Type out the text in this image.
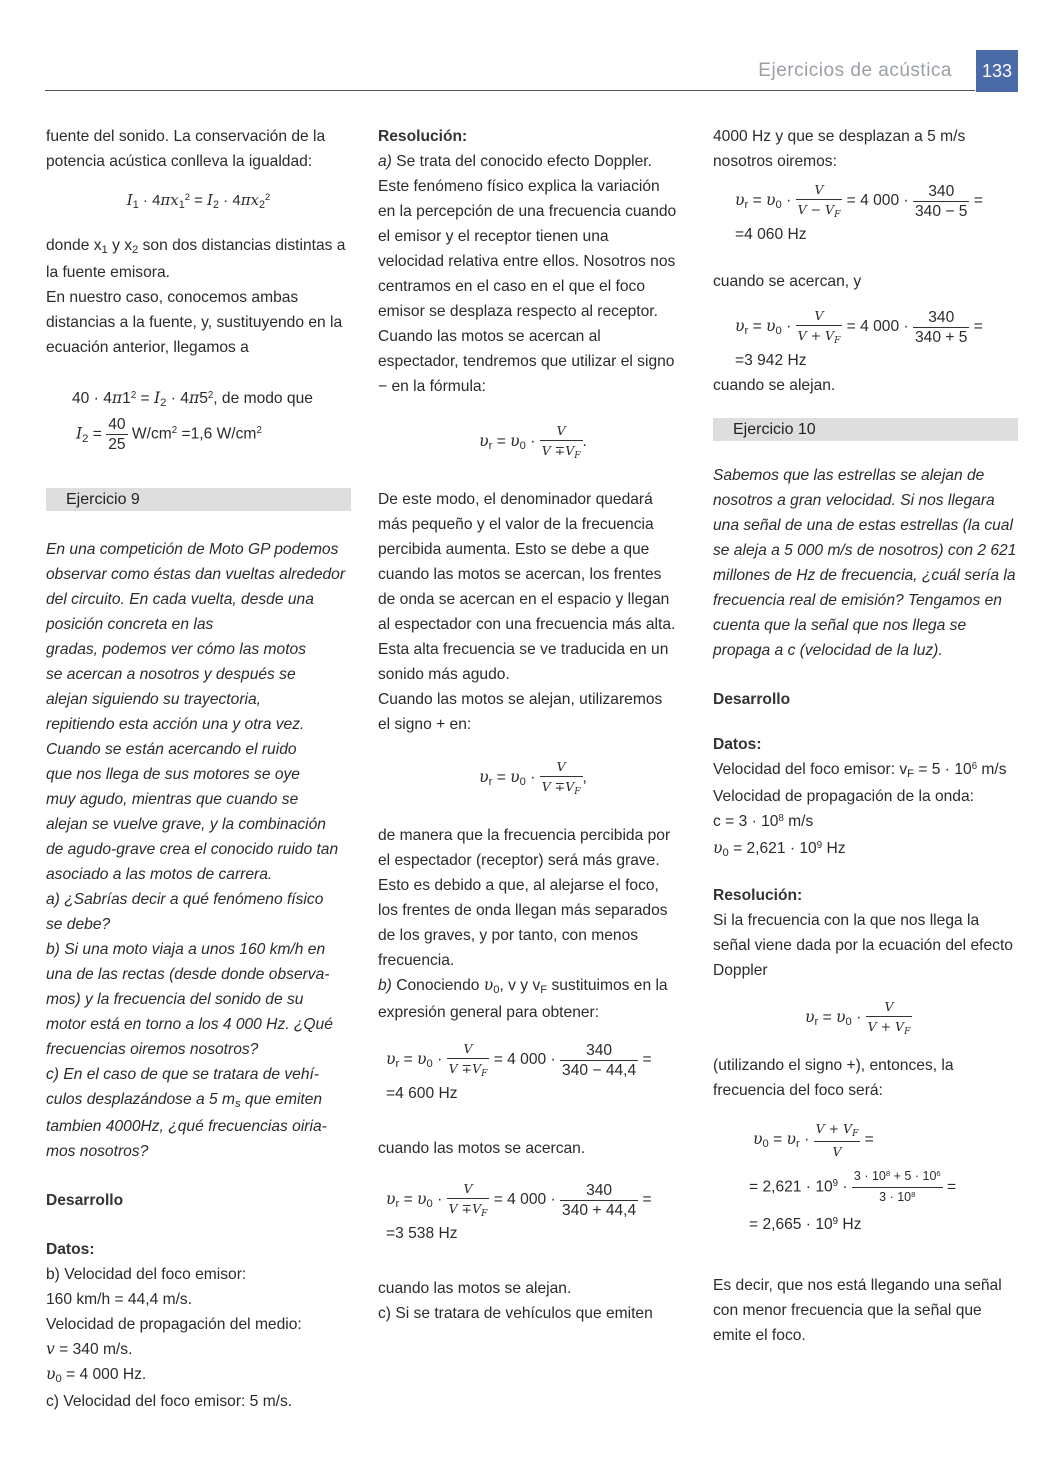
Ejercicios de acústica	133

fuente del sonido. La conservación de la potencia acústica conlleva la igualdad:

$I_1 \cdot 4\pi x_1^2 = I_2 \cdot 4\pi x_2^2$

donde $x_1$ y $x_2$ son dos distancias distintas a la fuente emisora.

En nuestro caso, conocemos ambas distancias a la fuente, y, sustituyendo en la ecuación anterior, llegamos a

$40 \cdot 4\pi 1^2 = I_2 \cdot 4\pi 5^2$, de modo que
$I_2 = \frac{40}{25} W/cm^2 =1,6$ $W/cm^2$
Ejercicio 9
En una competición de Moto GP podemos
observar como éstas dan vueltas alrededor
del circuito. En cada vuelta, desde una
posición concreta en las
gradas, podemos ver cómo las motos
se acercan a nosotros y después se
alejan siguiendo su trayectoria,
repitiendo esta acción una y otra vez.
Cuando se están acercando el ruido
que nos llega de sus motores se oye
muy agudo, mientras que cuando se
alejan se vuelve grave, y la combinación
de agudo-grave crea el conocido ruido tan
asociado a las motos de carrera.
a) ¿Sabrías decir a qué fenómeno físico
se debe?
b) Si una moto viaja a unos 160 km/h en
una de las rectas (desde donde observa-
mos) y la frecuencia del sonido de su
motor está en torno a los 4 000 Hz. ¿Qué
frecuencias oiremos nosotros?
c) En el caso de que se tratara de vehí-
culos desplazándose a 5 $m_s$ que emiten
tambien 4000Hz, ¿qué frecuencias oiria-
mos nosotros?

Desarrollo

Datos:

b) Velocidad del foco emisor:
160 km/h = 44,4 m/s.
Velocidad de propagación del medio:
v = 340 m/s.
$\upsilon_0 = 4$ 000 Hz.
c) Velocidad del foco emisor: 5 m/s.

Resolución:

a) Se trata del conocido efecto Doppler. Este fenómeno físico explica la variación en la percepción de una frecuencia cuando el emisor y el receptor tienen una velocidad relativa entre ellos. Nosotros nos centramos en el caso en el que el foco emisor se desplaza respecto al receptor.

Cuando las motos se acercan al espectador, tendremos que utilizar el signo − en la fórmula:

$\upsilon_r = \upsilon_0 \cdot \frac{V}{V \mp V_F}$ .

De este modo, el denominador quedará más pequeño y el valor de la frecuencia percibida aumenta. Esto se debe a que cuando las motos se acercan, los frentes de onda se acercan en el espacio y llegan al espectador con una frecuencia más alta. Esta alta frecuencia se ve traducida en un sonido más agudo.

Cuando las motos se alejan, utilizaremos el signo + en:

$\upsilon_r = \upsilon_0 \cdot \frac{V}{V \mp V_F}$ ,

de manera que la frecuencia percibida por el espectador (receptor) será más grave. Esto es debido a que, al alejarse el foco, los frentes de onda llegan más separados de los graves, y por tanto, con menos frecuencia.

b) Conociendo $\upsilon_0$, v y $v_F$ sustituimos en la expresión general para obtener:

$\upsilon_r = \upsilon_0 \cdot \frac{V}{V \mp V_F} = 4$ $000 \cdot \frac{340}{340 - 44,4}$ =
=4 600 Hz

cuando las motos se acercan.

$\upsilon_r = \upsilon_0 \cdot \frac{V}{V \mp V_F} = 4$ $000 \cdot \frac{340}{340 + 44,4}$ =
=3 538 Hz

cuando las motos se alejan.

c) Si se tratara de vehículos que emiten

4000 Hz y que se desplazan a 5 m/s nosotros oiremos:

$\upsilon_r = \upsilon_0 \cdot \frac{V}{V - V_F} = 4$ $000 \cdot \frac{340}{340 - 5}$ =
=4 060 Hz

cuando se acercan, y

$\upsilon_r = \upsilon_0 \cdot \frac{V}{V + V_F} = 4$ $000 \cdot \frac{340}{340 + 5}$ =
=3 942 Hz

cuando se alejan.

Ejercicio 10

Sabemos que las estrellas se alejan de nosotros a gran velocidad. Si nos llegara una señal de una de estas estrellas (la cual se aleja a 5 000 m/s de nosotros) con 2 621 millones de Hz de frecuencia, ¿cuál sería la frecuencia real de emisión? Tengamos en cuenta que la señal que nos llega se propaga a c (velocidad de la luz).

Desarrollo

Datos:

Velocidad del foco emisor: $v_F = 5 \cdot 10^6$ m/s
Velocidad de propagación de la onda:
$c = 3 \cdot 10^8$ m/s
$\upsilon_0 = 2,621 \cdot 10^9$ Hz

Resolución:

Si la frecuencia con la que nos llega la señal viene dada por la ecuación del efecto Doppler

$\upsilon_r = \upsilon_0 \cdot \frac{V}{V + V_F}$

(utilizando el signo +), entonces, la frecuencia del foco será:

$\upsilon_0 = \upsilon_r \cdot \frac{V + V_F}{V}$ =
= $2,621 \cdot 10^9 \cdot \frac{3 \cdot 10^8 + 5 \cdot 10^6}{3 \cdot 10^8}$ =
= $2,665 \cdot 10^9$ Hz

Es decir, que nos está llegando una señal con menor frecuencia que la señal que emite el foco.
